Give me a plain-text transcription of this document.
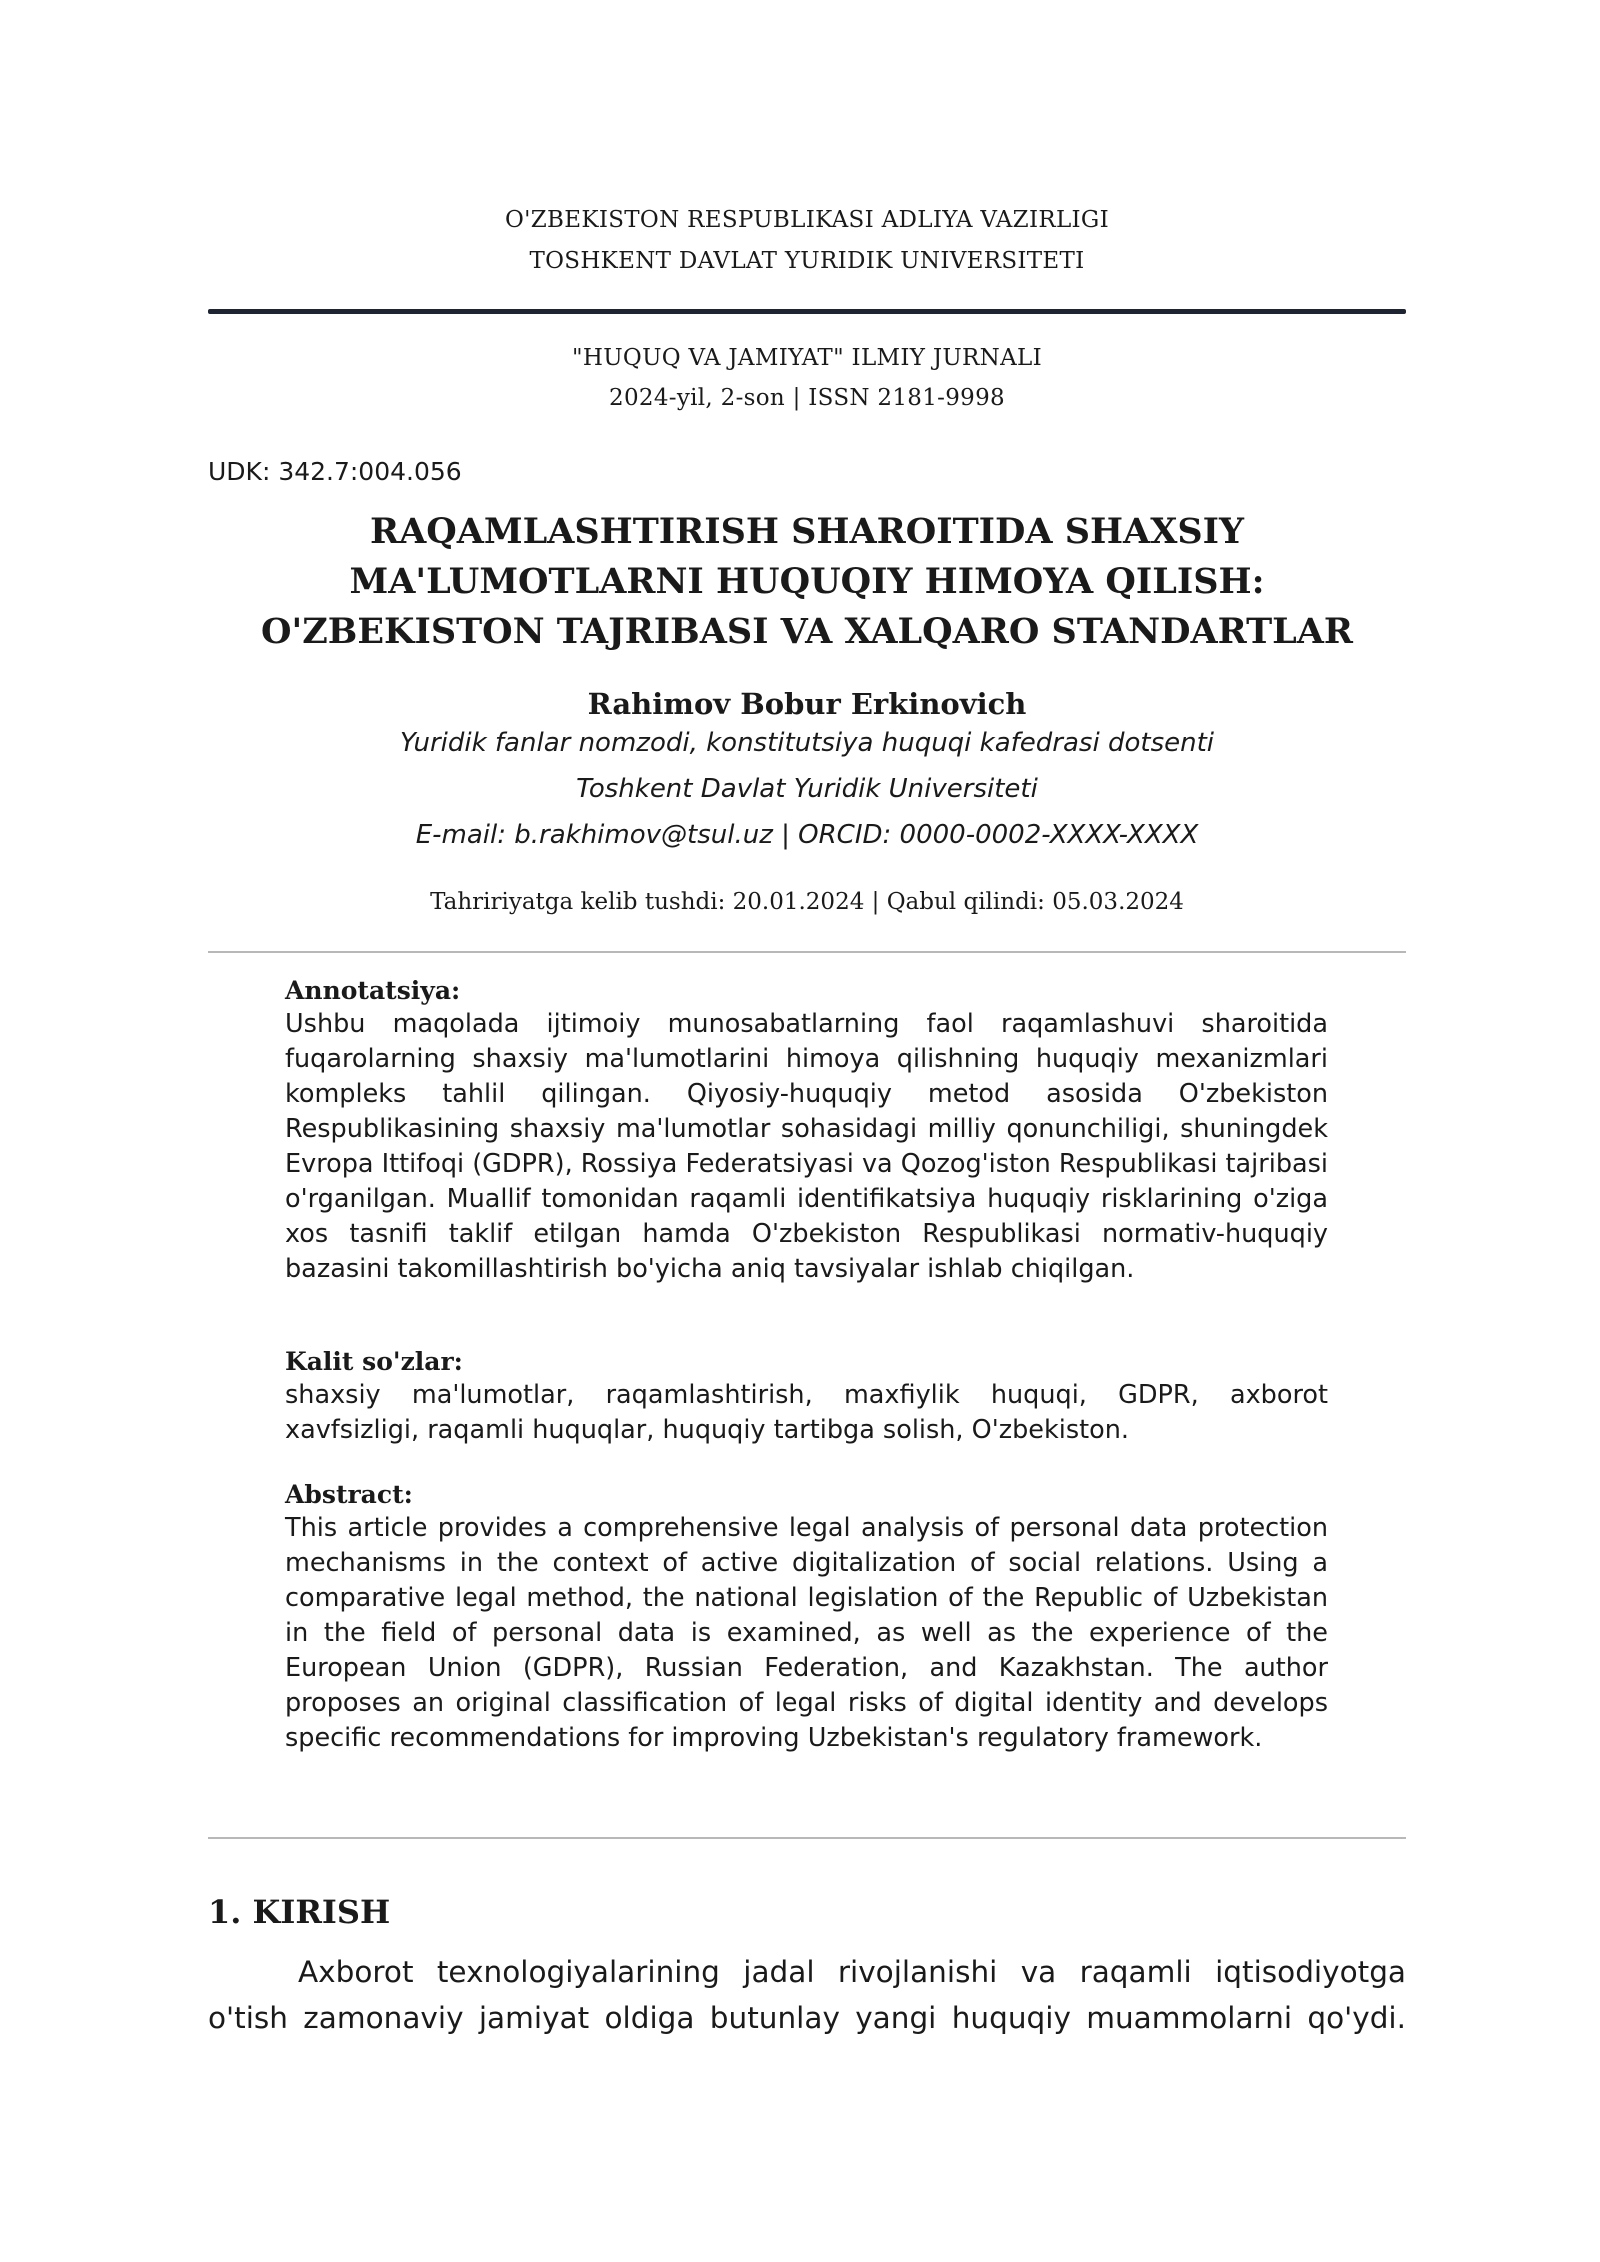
O'ZBEKISTON RESPUBLIKASI ADLIYA VAZIRLIGI
TOSHKENT DAVLAT YURIDIK UNIVERSITETI
"HUQUQ VA JAMIYAT" ILMIY JURNALI
2024-yil, 2-son | ISSN 2181-9998
UDK: 342.7:004.056
RAQAMLASHTIRISH SHAROITIDA SHAXSIY
MA'LUMOTLARNI HUQUQIY HIMOYA QILISH:
O'ZBEKISTON TAJRIBASI VA XALQARO STANDARTLAR
Rahimov Bobur Erkinovich
Yuridik fanlar nomzodi, konstitutsiya huquqi kafedrasi dotsenti
Toshkent Davlat Yuridik Universiteti
E-mail: b.rakhimov@tsul.uz | ORCID: 0000-0002-XXXX-XXXX
Tahririyatga kelib tushdi: 20.01.2024 | Qabul qilindi: 05.03.2024
Annotatsiya:

Ushbu maqolada ijtimoiy munosabatlarning faol raqamlashuvi sharoitida fuqarolarning shaxsiy ma'lumotlarini himoya qilishning huquqiy mexanizmlari kompleks tahlil qilingan. Qiyosiy-huquqiy metod asosida O'zbekiston Respublikasining shaxsiy ma'lumotlar sohasidagi milliy qonunchiligi, shuningdek Evropa Ittifoqi (GDPR), Rossiya Federatsiyasi va Qozog'iston Respublikasi tajribasi o'rganilgan. Muallif tomonidan raqamli identifikatsiya huquqiy risklarining o'ziga xos tasnifi taklif etilgan hamda O'zbekiston Respublikasi normativ-huquqiy bazasini takomillashtirish bo'yicha aniq tavsiyalar ishlab chiqilgan.

Kalit so'zlar:

shaxsiy ma'lumotlar, raqamlashtirish, maxfiylik huquqi, GDPR, axborot xavfsizligi, raqamli huquqlar, huquqiy tartibga solish, O'zbekiston.

Abstract:

This article provides a comprehensive legal analysis of personal data protection mechanisms in the context of active digitalization of social relations. Using a comparative legal method, the national legislation of the Republic of Uzbekistan in the field of personal data is examined, as well as the experience of the European Union (GDPR), Russian Federation, and Kazakhstan. The author proposes an original classification of legal risks of digital identity and develops specific recommendations for improving Uzbekistan's regulatory framework.

1. KIRISH

Axborot texnologiyalarining jadal rivojlanishi va raqamli iqtisodiyotga o'tish zamonaviy jamiyat oldiga butunlay yangi huquqiy muammolarni qo'ydi.
